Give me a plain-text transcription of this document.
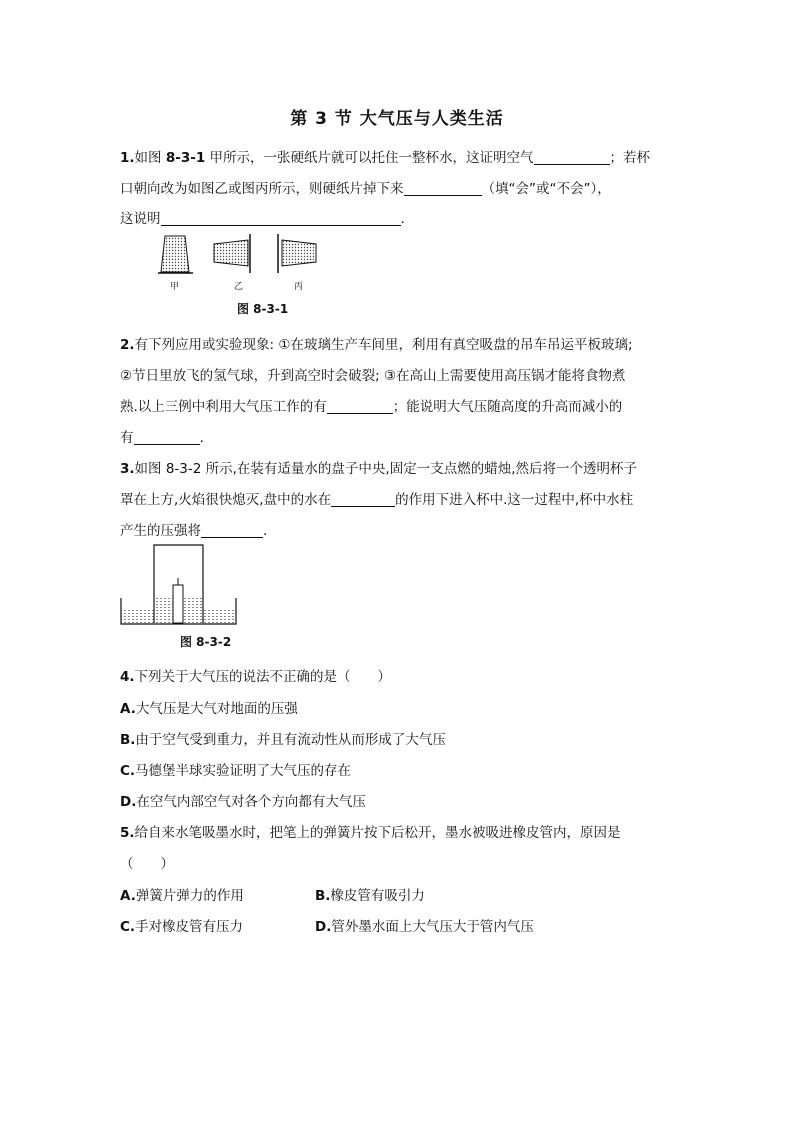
第 3 节 大气压与人类生活
1.如图 8-3-1 甲所示，一张硬纸片就可以托住一整杯水，这证明空气	；若杯
口朝向改为如图乙或图丙所示，则硬纸片掉下来	（填“会”或“不会”），
这说明	.
甲	乙	丙
图 8-3-1
2.有下列应用或实验现象: ①在玻璃生产车间里，利用有真空吸盘的吊车吊运平板玻璃;
②节日里放飞的氢气球，升到高空时会破裂; ③在高山上需要使用高压锅才能将食物煮
熟.以上三例中利用大气压工作的有	；能说明大气压随高度的升高而减小的
有	.
3.如图 8-3-2 所示,在装有适量水的盘子中央,固定一支点燃的蜡烛,然后将一个透明杯子
罩在上方,火焰很快熄灭,盘中的水在	的作用下进入杯中.这一过程中,杯中水柱
产生的压强将	.
图 8-3-2
4.下列关于大气压的说法不正确的是（　　）
A.大气压是大气对地面的压强
B.由于空气受到重力，并且有流动性从而形成了大气压
C.马德堡半球实验证明了大气压的存在
D.在空气内部空气对各个方向都有大气压
5.给自来水笔吸墨水时，把笔上的弹簧片按下后松开，墨水被吸进橡皮管内，原因是
（　　）
A.弹簧片弹力的作用	B.橡皮管有吸引力
C.手对橡皮管有压力	D.管外墨水面上大气压大于管内气压
